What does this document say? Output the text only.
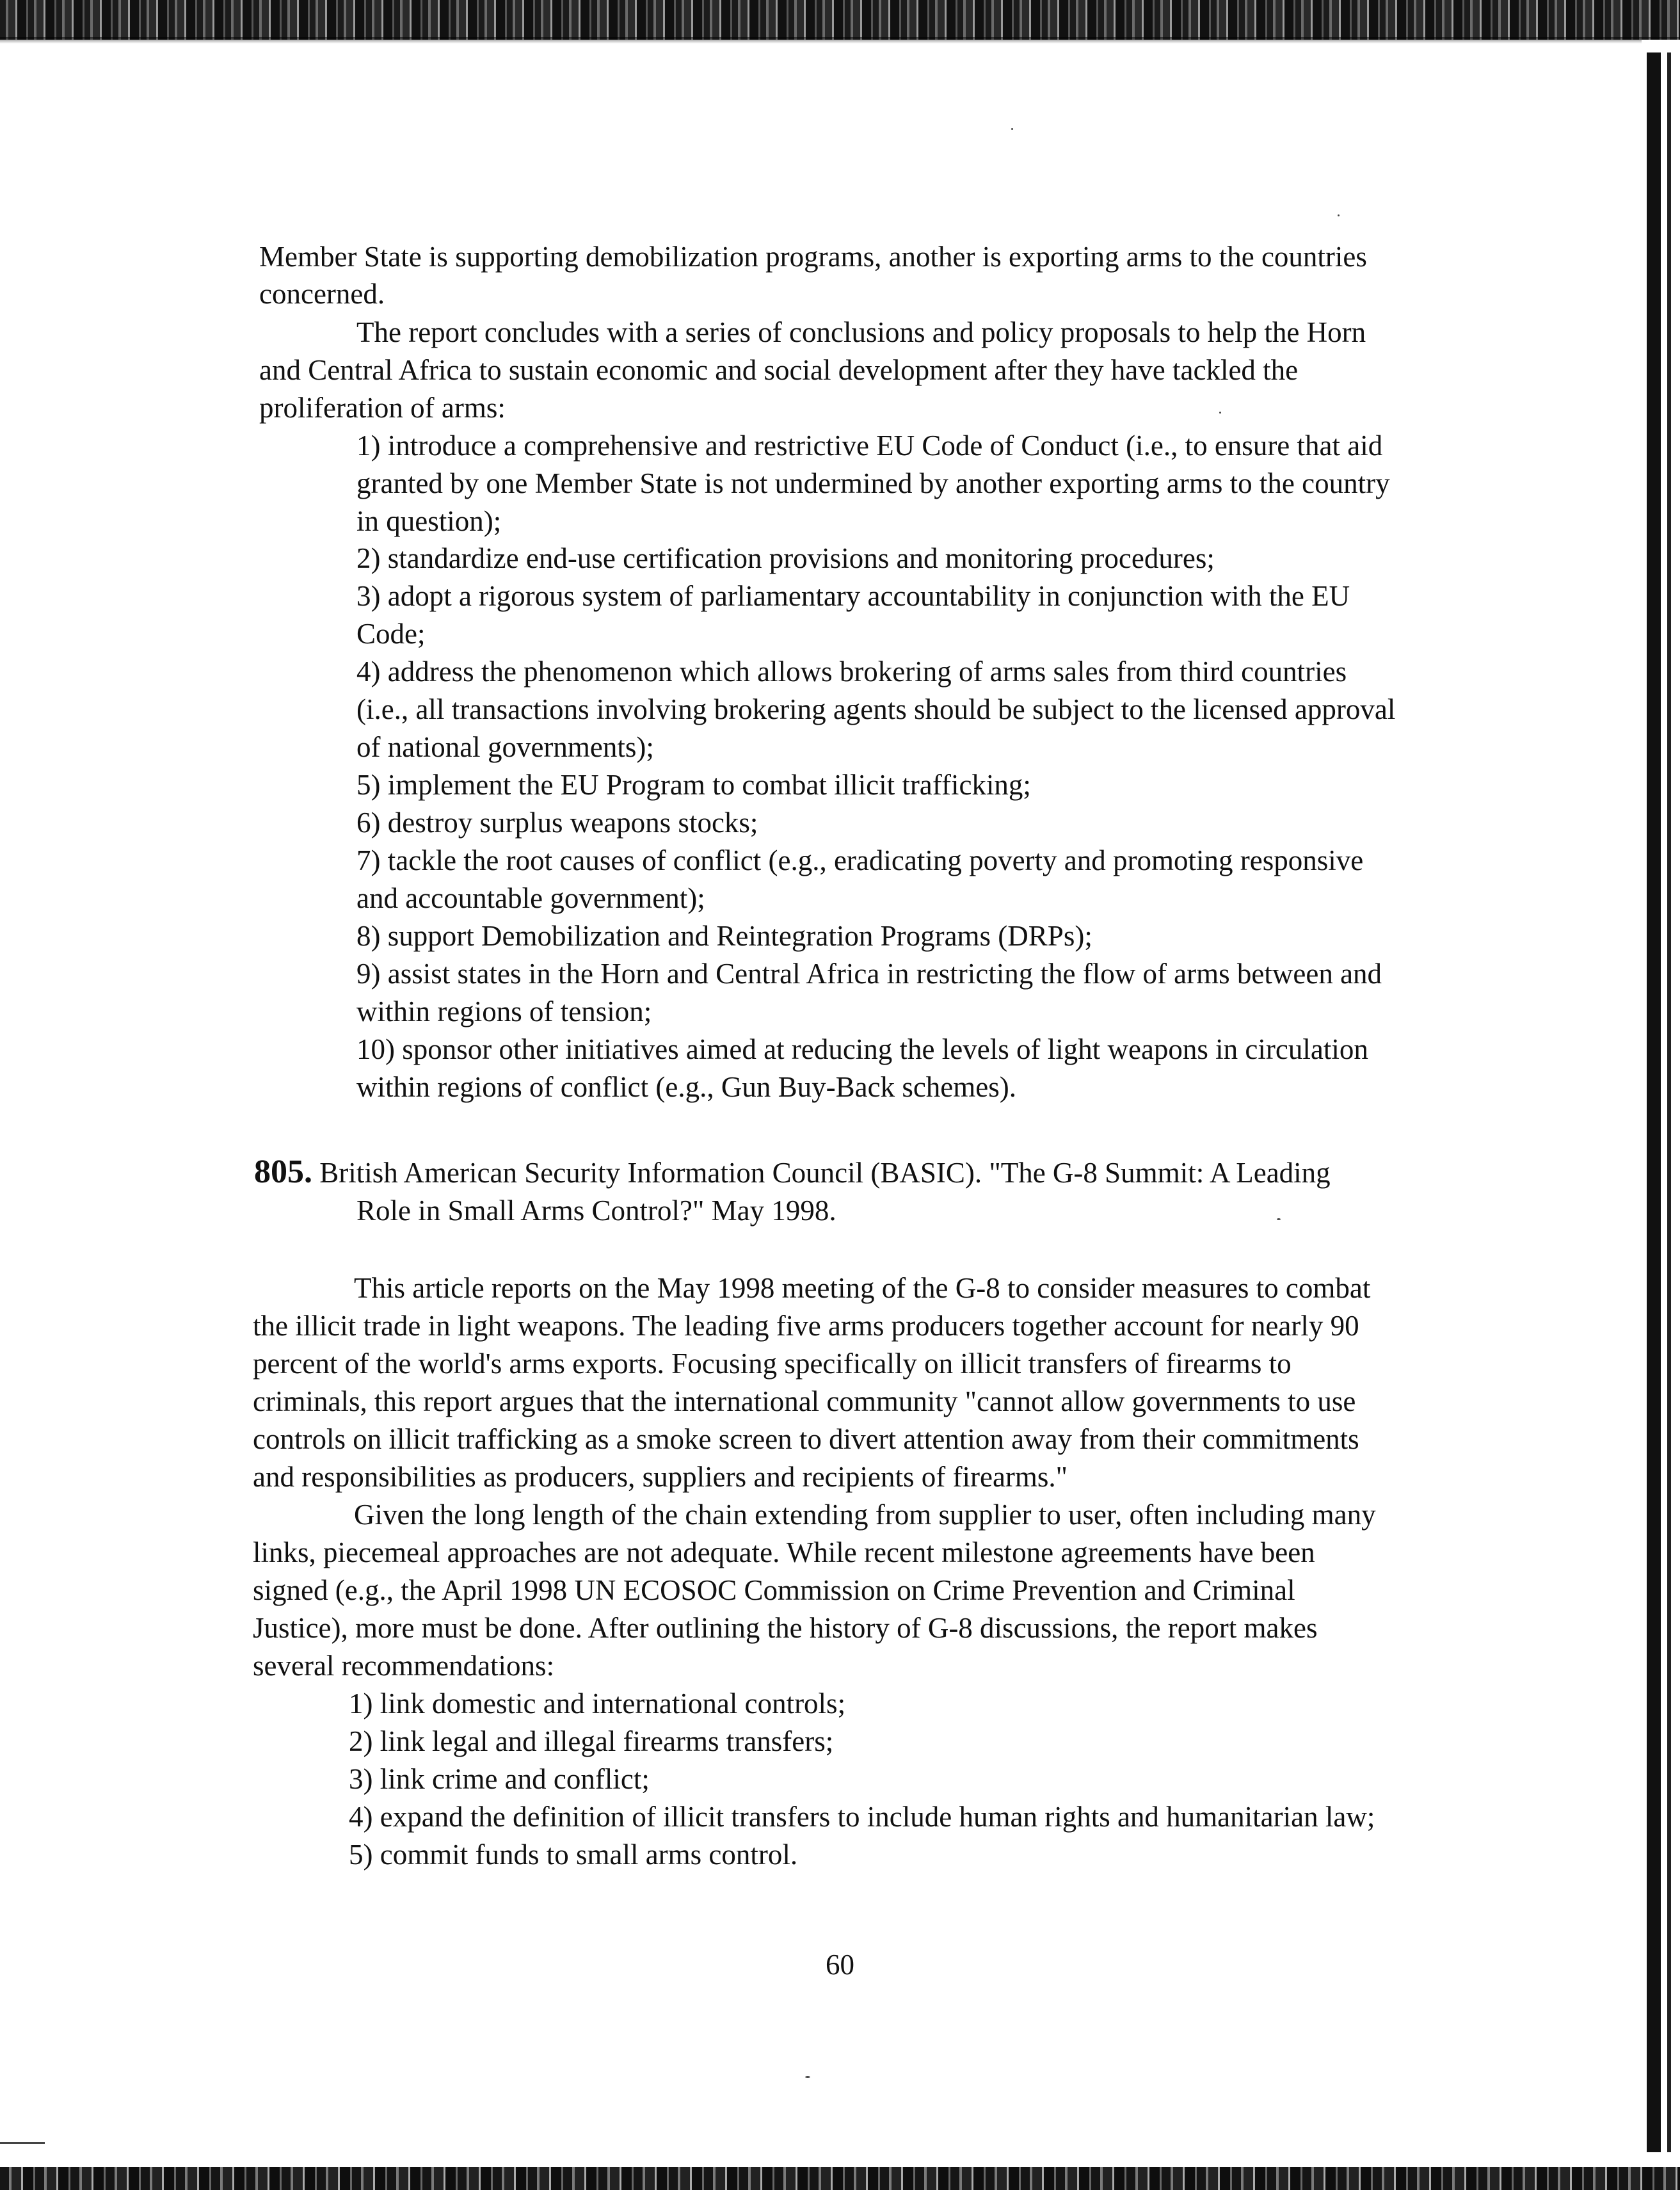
Member State is supporting demobilization programs, another is exporting arms to the countries
concerned.
The report concludes with a series of conclusions and policy proposals to help the Horn
and Central Africa to sustain economic and social development after they have tackled the
proliferation of arms:
1) introduce a comprehensive and restrictive EU Code of Conduct (i.e., to ensure that aid
granted by one Member State is not undermined by another exporting arms to the country
in question);
2) standardize end-use certification provisions and monitoring procedures;
3) adopt a rigorous system of parliamentary accountability in conjunction with the EU
Code;
4) address the phenomenon which allows brokering of arms sales from third countries
(i.e., all transactions involving brokering agents should be subject to the licensed approval
of national governments);
5) implement the EU Program to combat illicit trafficking;
6) destroy surplus weapons stocks;
7) tackle the root causes of conflict (e.g., eradicating poverty and promoting responsive
and accountable government);
8) support Demobilization and Reintegration Programs (DRPs);
9) assist states in the Horn and Central Africa in restricting the flow of arms between and
within regions of tension;
10) sponsor other initiatives aimed at reducing the levels of light weapons in circulation
within regions of conflict (e.g., Gun Buy-Back schemes).
805. British American Security Information Council (BASIC). "The G-8 Summit: A Leading
Role in Small Arms Control?" May 1998.
This article reports on the May 1998 meeting of the G-8 to consider measures to combat
the illicit trade in light weapons. The leading five arms producers together account for nearly 90
percent of the world's arms exports. Focusing specifically on illicit transfers of firearms to
criminals, this report argues that the international community "cannot allow governments to use
controls on illicit trafficking as a smoke screen to divert attention away from their commitments
and responsibilities as producers, suppliers and recipients of firearms."
Given the long length of the chain extending from supplier to user, often including many
links, piecemeal approaches are not adequate. While recent milestone agreements have been
signed (e.g., the April 1998 UN ECOSOC Commission on Crime Prevention and Criminal
Justice), more must be done. After outlining the history of G-8 discussions, the report makes
several recommendations:
1) link domestic and international controls;
2) link legal and illegal firearms transfers;
3) link crime and conflict;
4) expand the definition of illicit transfers to include human rights and humanitarian law;
5) commit funds to small arms control.
60
